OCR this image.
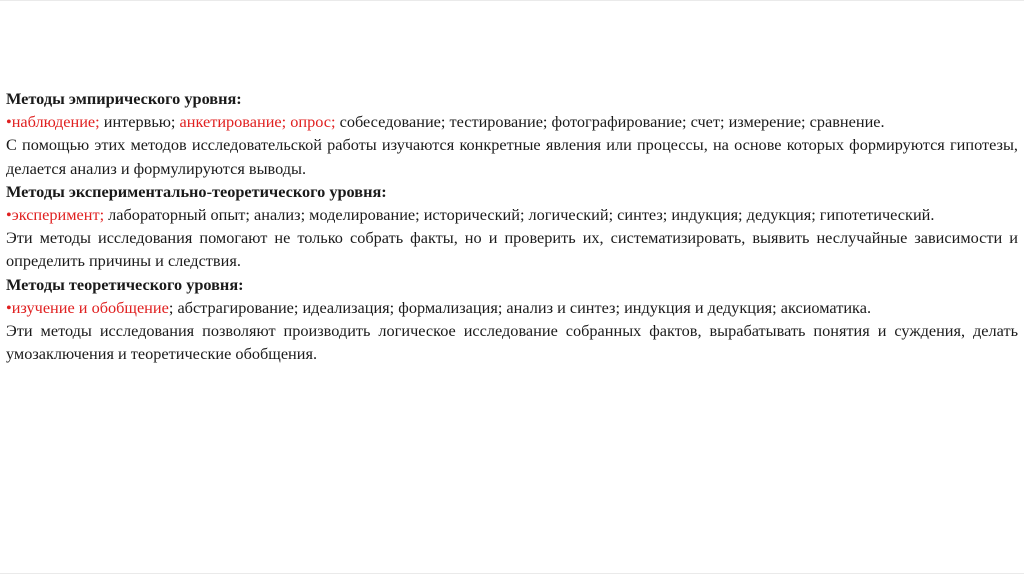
Методы эмпирического уровня:

•наблюдение; интервью; анкетирование; опрос; собеседование; тестирование; фотографирование; счет; измерение; сравнение.

С помощью этих методов исследовательской работы изучаются конкретные явления или процессы, на основе которых формируются гипотезы, делается анализ и формулируются выводы.

Методы экспериментально-теоретического уровня:

•эксперимент; лабораторный опыт; анализ; моделирование; исторический; логический; синтез; индукция; дедукция; гипотетический.

Эти методы исследования помогают не только собрать факты, но и проверить их, систематизировать, выявить неслучайные зависимости и определить причины и следствия.

Методы теоретического уровня:

•изучение и обобщение; абстрагирование; идеализация; формализация; анализ и синтез; индукция и дедукция; аксиоматика.

Эти методы исследования позволяют производить логическое исследование собранных фактов, вырабатывать понятия и суждения, делать умозаключения и теоретические обобщения.
